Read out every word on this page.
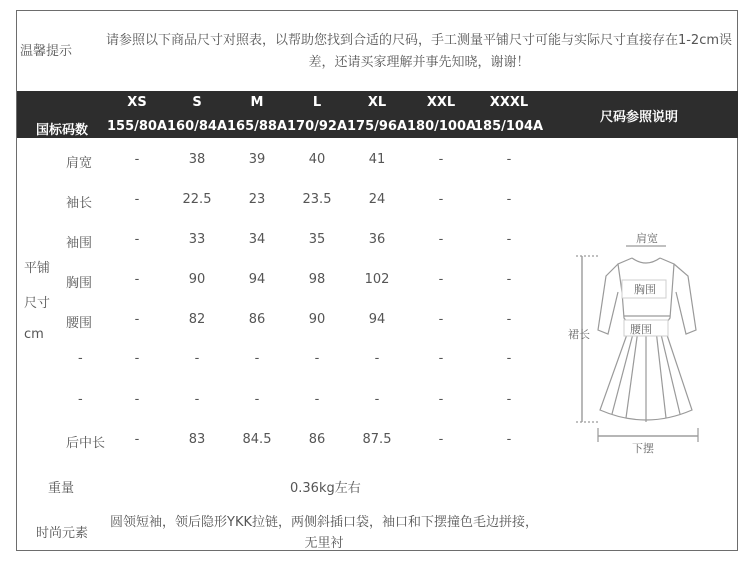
温馨提示
请参照以下商品尺寸对照表，以帮助您找到合适的尺码，手工测量平铺尺寸可能与实际尺寸直接存在1-2cm误差，还请买家理解并事先知晓，谢谢！
国标码数
尺码参照说明
XS	S	M	L	XL	XXL	XXXL
155/80A 160/84A 165/88A 170/92A 175/96A 180/100A
185/104A
平铺
尺寸
cm
肩宽	-	38	39	40	41	-	-
袖长	-	22.5	23	23.5	24	-	-
袖围	-	33	34	35	36	-	-
胸围	-	90	94	98	102	-	-
腰围	-	82	86	90	94	-	-
-	-	-	-	-	-	-	-
-	-	-	-	-	-	-	-
后中长	-	83	84.5	86	87.5	-	-
重量	0.36kg左右
时尚元素
圆领短袖，领后隐形YKK拉链，两侧斜插口袋，袖口和下摆撞色毛边拼接，无里衬
肩宽
胸围
腰围
裙长
下摆
